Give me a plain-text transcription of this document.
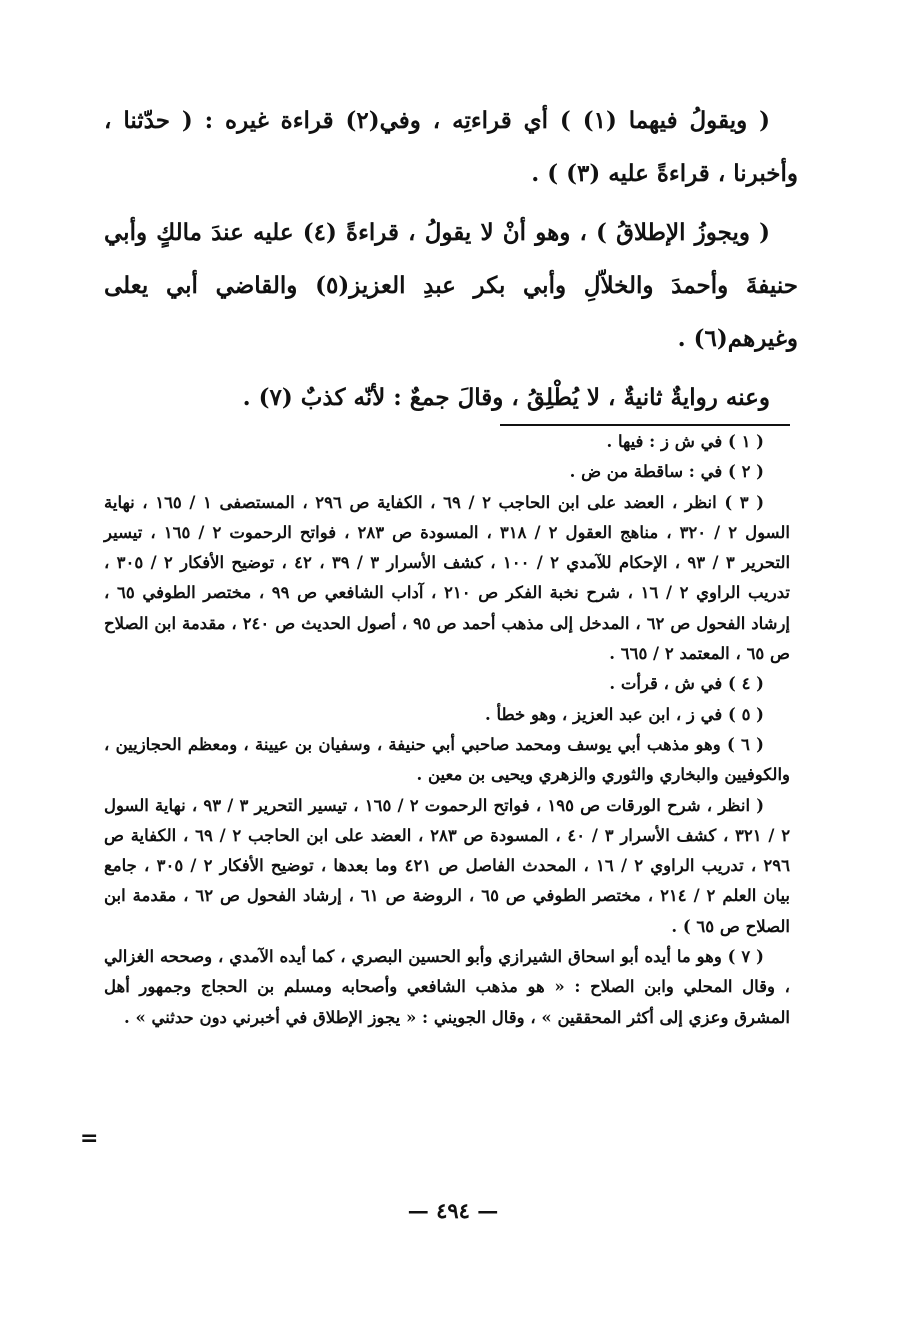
( ويقولُ فيهما (١) ) أي قراءتِه ، وفي(٢) قراءة غيره : ( حدّثنا ، وأخبرنا ، قراءةً عليه (٣) ) .

( ويجوزُ الإطلاقُ ) ، وهو أنْ لا يقولُ ، قراءةً (٤) عليه عندَ مالكٍ وأبي حنيفةَ وأحمدَ والخلاّلِ وأبي بكر عبدِ العزيز(٥) والقاضي أبي يعلى وغيرهم(٦) .

وعنه روايةٌ ثانيةٌ ، لا يُطْلِقُ ، وقالَ جمعٌ : لأنّه كذبٌ (٧) .

( ١ ) في ش ز : فيها .

( ٢ ) في : ساقطة من ض .

( ٣ ) انظر ، العضد على ابن الحاجب ٢ / ٦٩ ، الكفاية ص ٢٩٦ ، المستصفى ١ / ١٦٥ ، نهاية السول ٢ / ٣٢٠ ، مناهج العقول ٢ / ٣١٨ ، المسودة ص ٢٨٣ ، فواتح الرحموت ٢ / ١٦٥ ، تيسير التحرير ٣ / ٩٣ ، الإحكام للآمدي ٢ / ١٠٠ ، كشف الأسرار ٣ / ٣٩ ، ٤٢ ، توضيح الأفكار ٢ / ٣٠٥ ، تدريب الراوي ٢ / ١٦ ، شرح نخبة الفكر ص ٢١٠ ، آداب الشافعي ص ٩٩ ، مختصر الطوفي ٦٥ ، إرشاد الفحول ص ٦٢ ، المدخل إلى مذهب أحمد ص ٩٥ ، أصول الحديث ص ٢٤٠ ، مقدمة ابن الصلاح ص ٦٥ ، المعتمد ٢ / ٦٦٥ .

( ٤ ) في ش ، قرأت .

( ٥ ) في ز ، ابن عبد العزيز ، وهو خطأ .

( ٦ ) وهو مذهب أبي يوسف ومحمد صاحبي أبي حنيفة ، وسفيان بن عيينة ، ومعظم الحجازيين ، والكوفيين والبخاري والثوري والزهري ويحيى بن معين .

( انظر ، شرح الورقات ص ١٩٥ ، فواتح الرحموت ٢ / ١٦٥ ، تيسير التحرير ٣ / ٩٣ ، نهاية السول ٢ / ٣٢١ ، كشف الأسرار ٣ / ٤٠ ، المسودة ص ٢٨٣ ، العضد على ابن الحاجب ٢ / ٦٩ ، الكفاية ص ٢٩٦ ، تدريب الراوي ٢ / ١٦ ، المحدث الفاصل ص ٤٢١ وما بعدها ، توضيح الأفكار ٢ / ٣٠٥ ، جامع بيان العلم ٢ / ٢١٤ ، مختصر الطوفي ص ٦٥ ، الروضة ص ٦١ ، إرشاد الفحول ص ٦٢ ، مقدمة ابن الصلاح ص ٦٥ ) .

( ٧ ) وهو ما أيده أبو اسحاق الشيرازي وأبو الحسين البصري ، كما أيده الآمدي ، وصححه الغزالي ، وقال المحلي وابن الصلاح : « هو مذهب الشافعي وأصحابه ومسلم بن الحجاج وجمهور أهل المشرق وعزي إلى أكثر المحققين » ، وقال الجويني : « يجوز الإطلاق في أخبرني دون حدثني » .

=
— ٤٩٤ —
